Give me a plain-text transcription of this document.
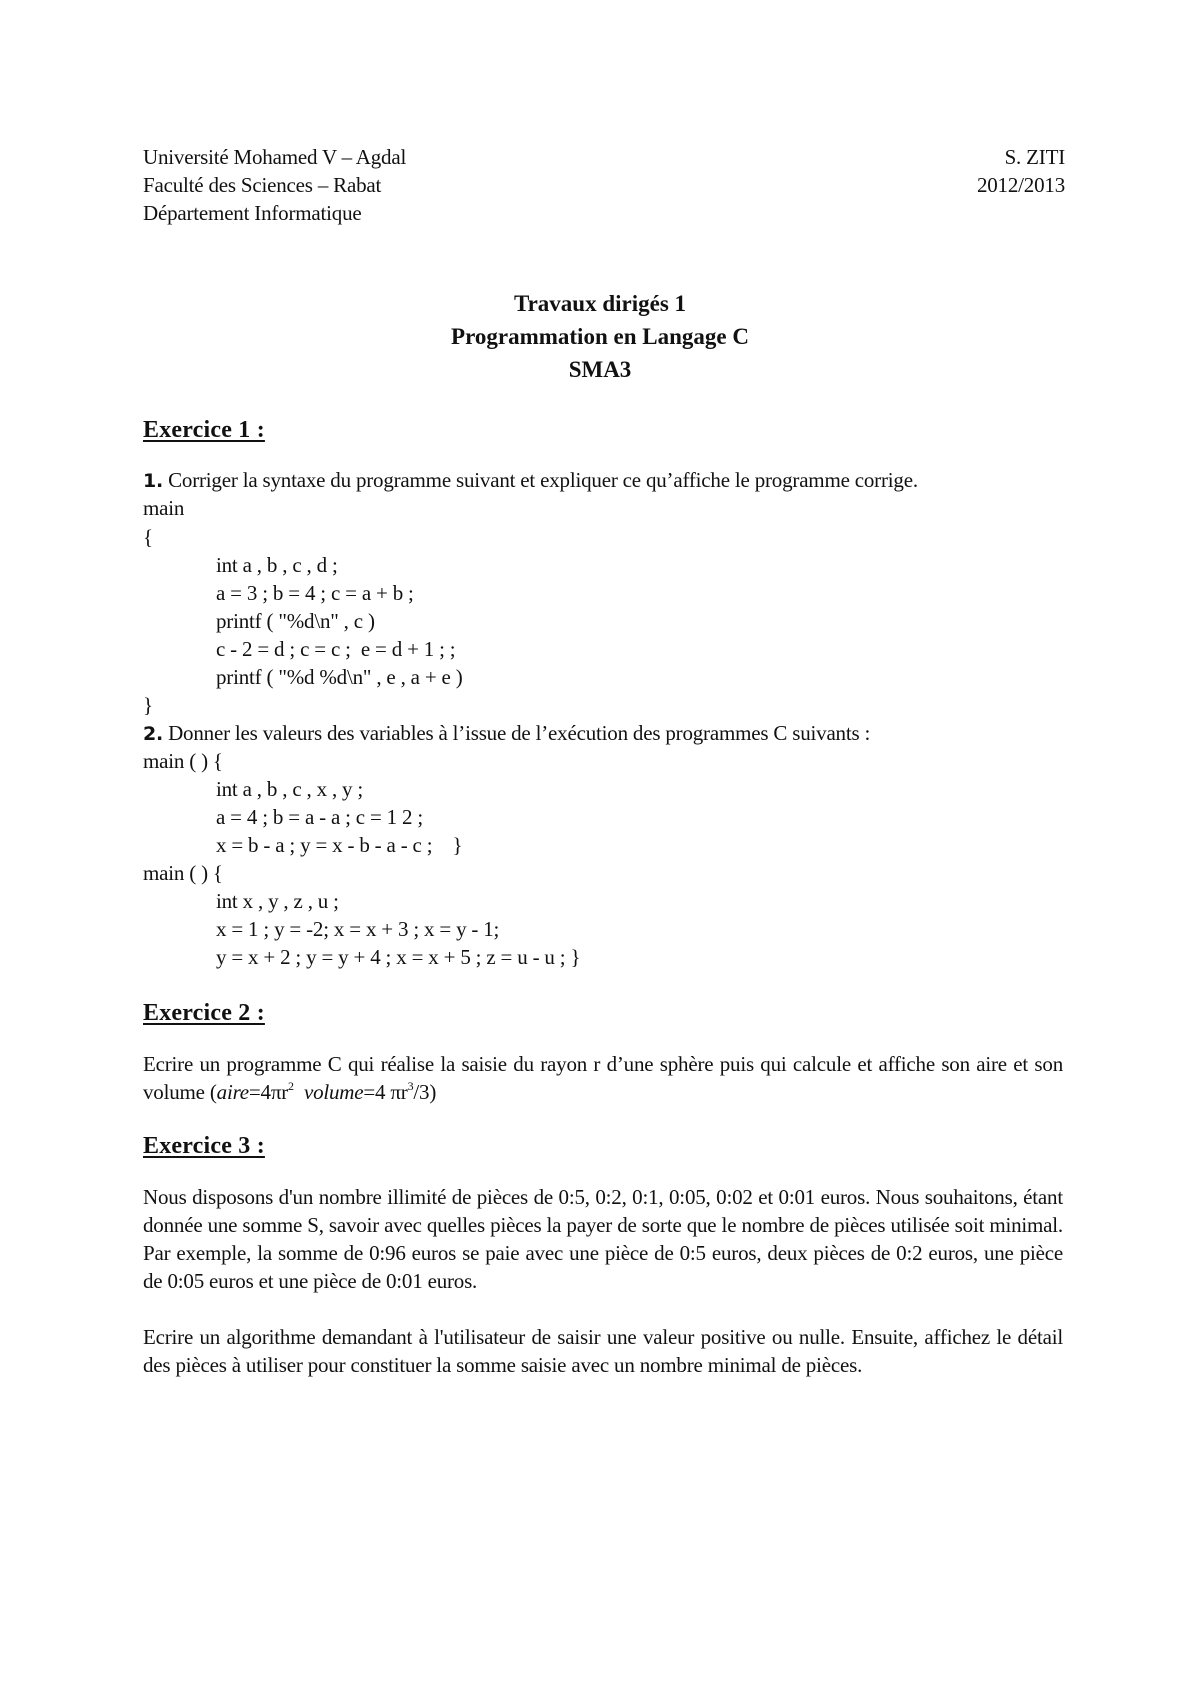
Université Mohamed V – Agdal
Faculté des Sciences – Rabat
Département Informatique
S. ZITI
2012/2013
Travaux dirigés 1
Programmation en Langage C
SMA3
Exercice 1 :
1. Corriger la syntaxe du programme suivant et expliquer ce qu’affiche le programme corrige.
main
{
int a , b , c , d ;
a = 3 ; b = 4 ; c = a + b ;
printf ( "%d\n" , c )
c - 2 = d ; c = c ;  e = d + 1 ; ;
printf ( "%d %d\n" , e , a + e )
}
2. Donner les valeurs des variables à l’issue de l’exécution des programmes C suivants :
main ( ) {
int a , b , c , x , y ;
a = 4 ; b = a - a ; c = 1 2 ;
x = b - a ; y = x - b - a - c ;    }
main ( ) {
int x , y , z , u ;
x = 1 ; y = -2; x = x + 3 ; x = y - 1;
y = x + 2 ; y = y + 4 ; x = x + 5 ; z = u - u ; }
Exercice 2 :
Ecrire un programme C qui réalise la saisie du rayon r d’une sphère puis qui calcule et affiche son aire et son volume ($aire=4\pi r^2$ volume=4 $\pi r^3/3$)
Exercice 3 :
Nous disposons d'un nombre illimité de pièces de 0:5, 0:2, 0:1, 0:05, 0:02 et 0:01 euros. Nous souhaitons, étant donnée une somme S, savoir avec quelles pièces la payer de sorte que le nombre de pièces utilisée soit minimal. Par exemple, la somme de 0:96 euros se paie avec une pièce de 0:5 euros, deux pièces de 0:2 euros, une pièce de 0:05 euros et une pièce de 0:01 euros.
Ecrire un algorithme demandant à l'utilisateur de saisir une valeur positive ou nulle. Ensuite, affichez le détail des pièces à utiliser pour constituer la somme saisie avec un nombre minimal de pièces.
